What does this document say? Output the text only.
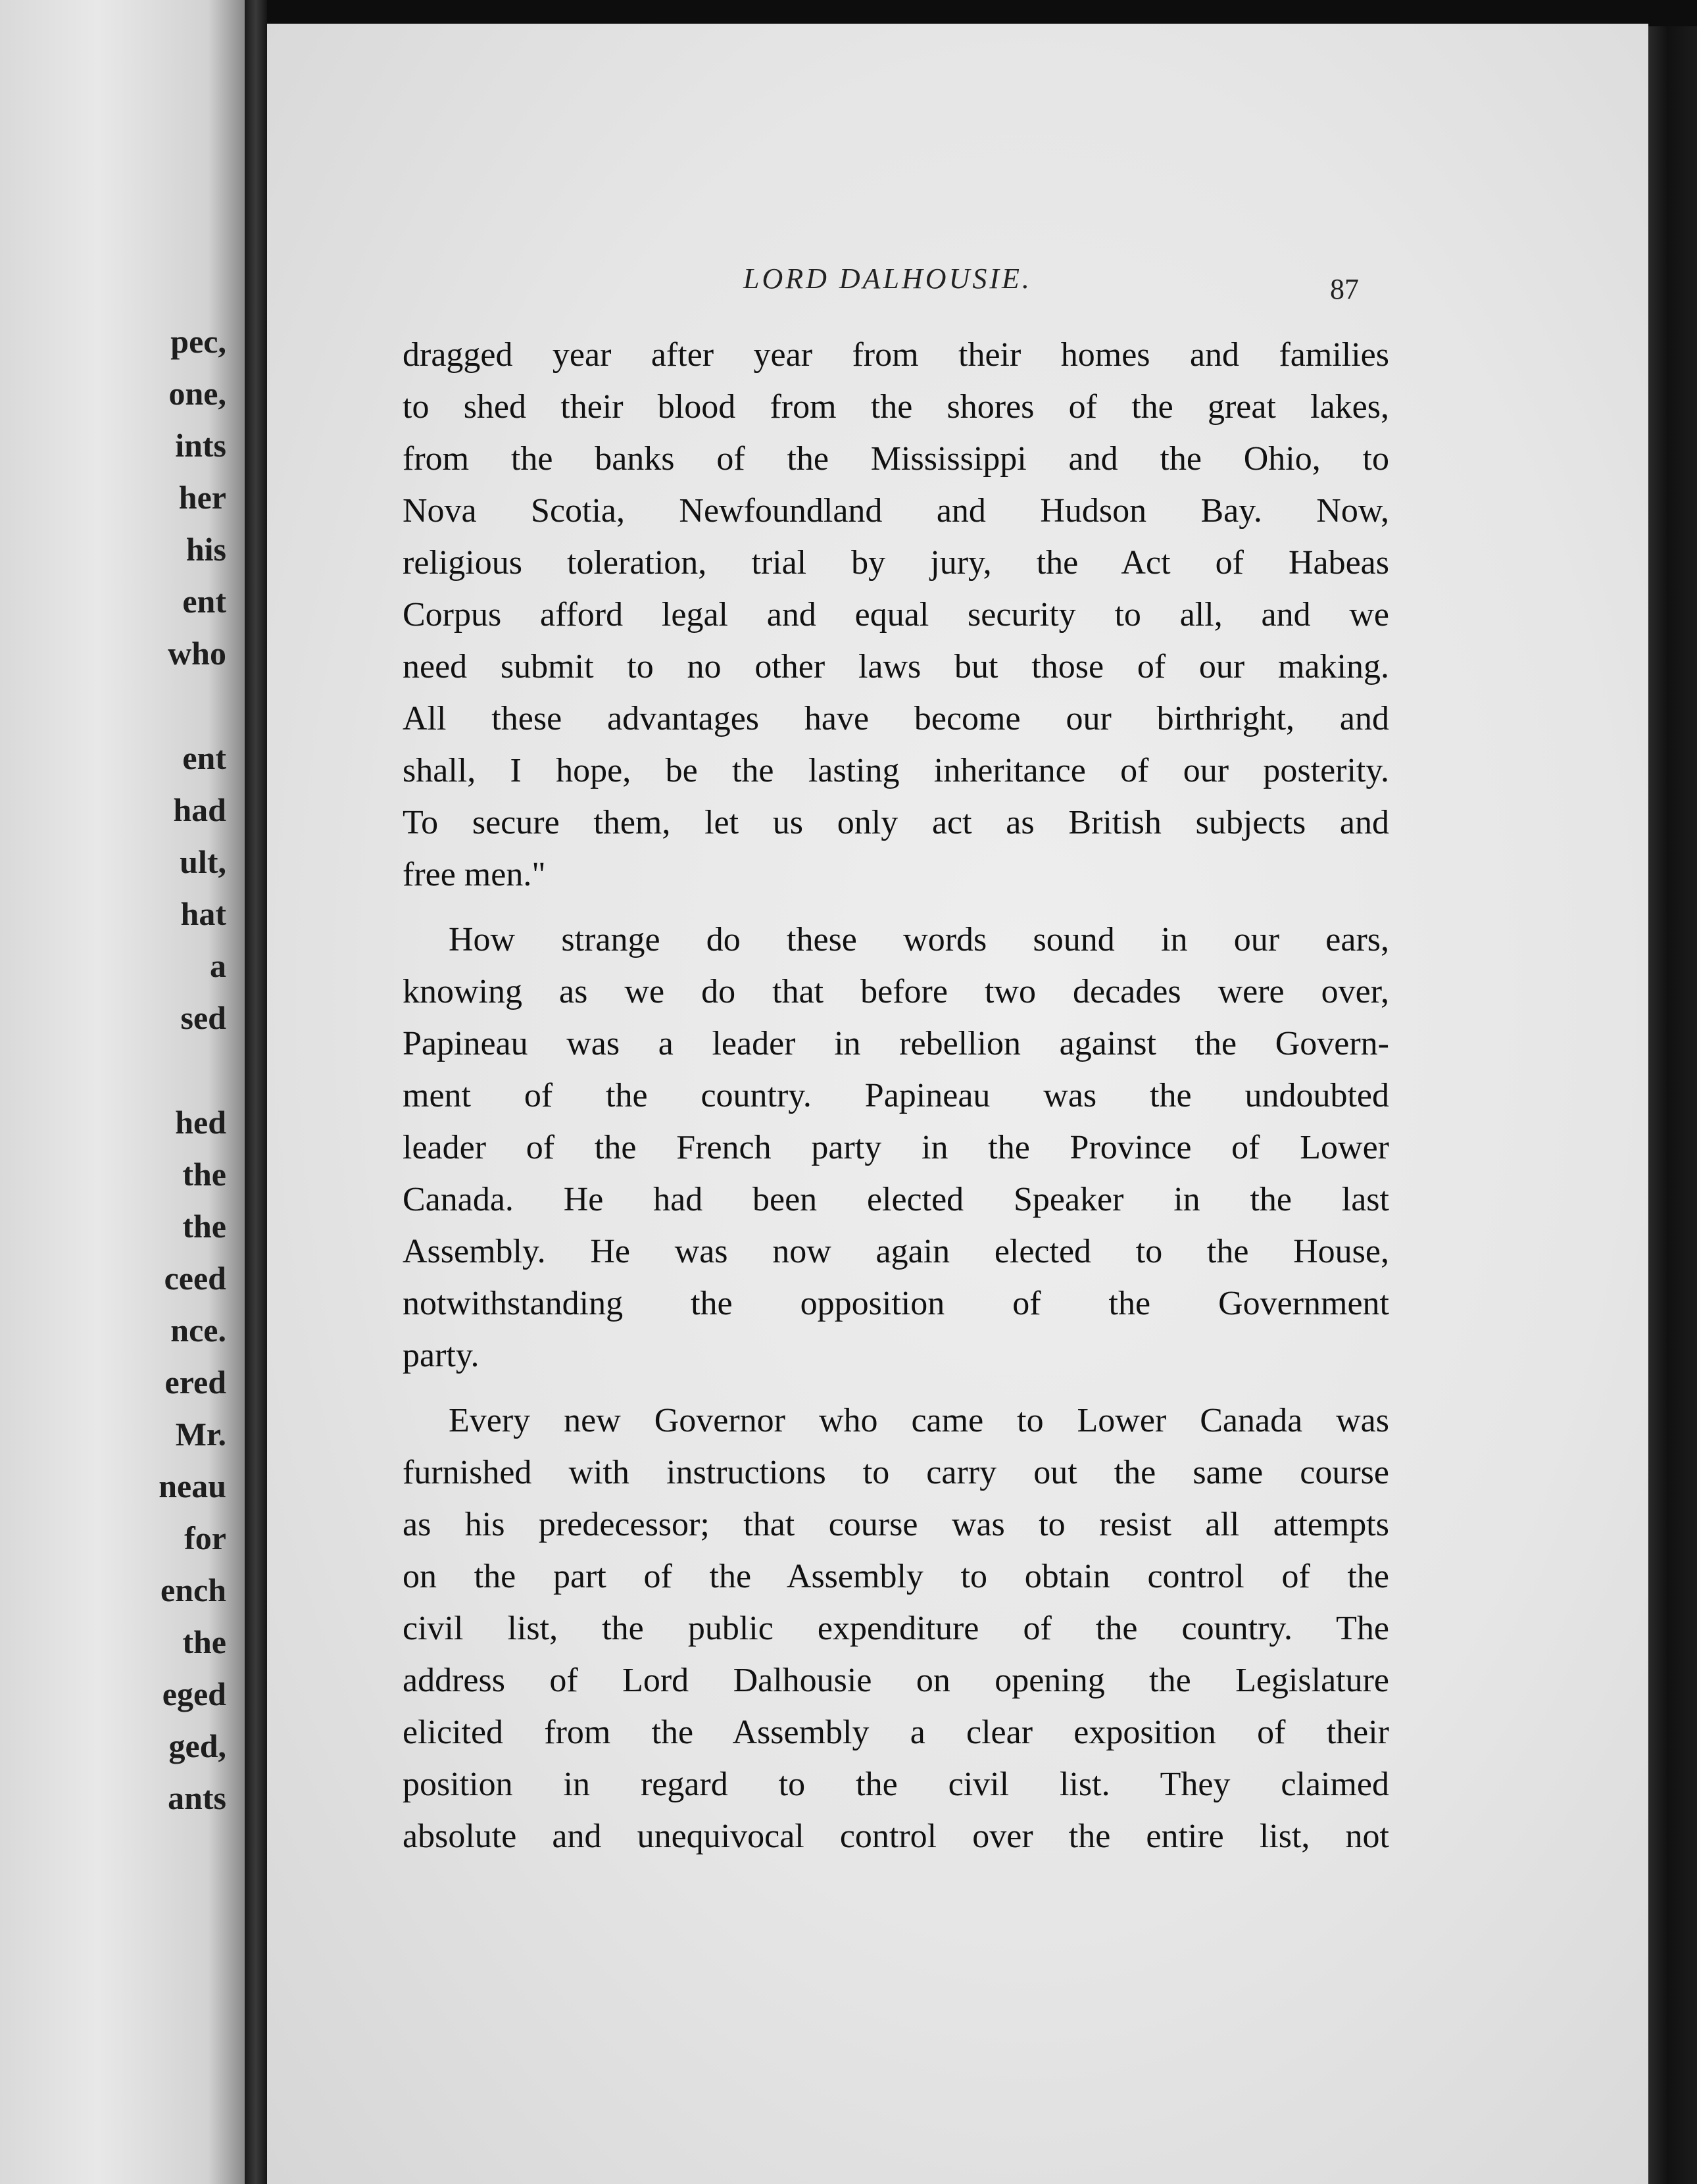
pec,
one,
ints
her
his
ent
who
ent
had
ult,
hat
a
sed
hed
the
the
ceed
nce.
ered
Mr.
neau
for
ench
the
eged
ged,
ants
LORD DALHOUSIE.	87
dragged year after year from their homes and families
to shed their blood from the shores of the great lakes,
from the banks of the Mississippi and the Ohio, to
Nova Scotia, Newfoundland and Hudson Bay. Now,
religious toleration, trial by jury, the Act of Habeas
Corpus afford legal and equal security to all, and we
need submit to no other laws but those of our making.
All these advantages have become our birthright, and
shall, I hope, be the lasting inheritance of our posterity.
To secure them, let us only act as British subjects and
free men."
How strange do these words sound in our ears,
knowing as we do that before two decades were over,
Papineau was a leader in rebellion against the Govern-
ment of the country. Papineau was the undoubted
leader of the French party in the Province of Lower
Canada. He had been elected Speaker in the last
Assembly. He was now again elected to the House,
notwithstanding the opposition of the Government
party.
Every new Governor who came to Lower Canada was
furnished with instructions to carry out the same course
as his predecessor; that course was to resist all attempts
on the part of the Assembly to obtain control of the
civil list, the public expenditure of the country. The
address of Lord Dalhousie on opening the Legislature
elicited from the Assembly a clear exposition of their
position in regard to the civil list. They claimed
absolute and unequivocal control over the entire list, not
